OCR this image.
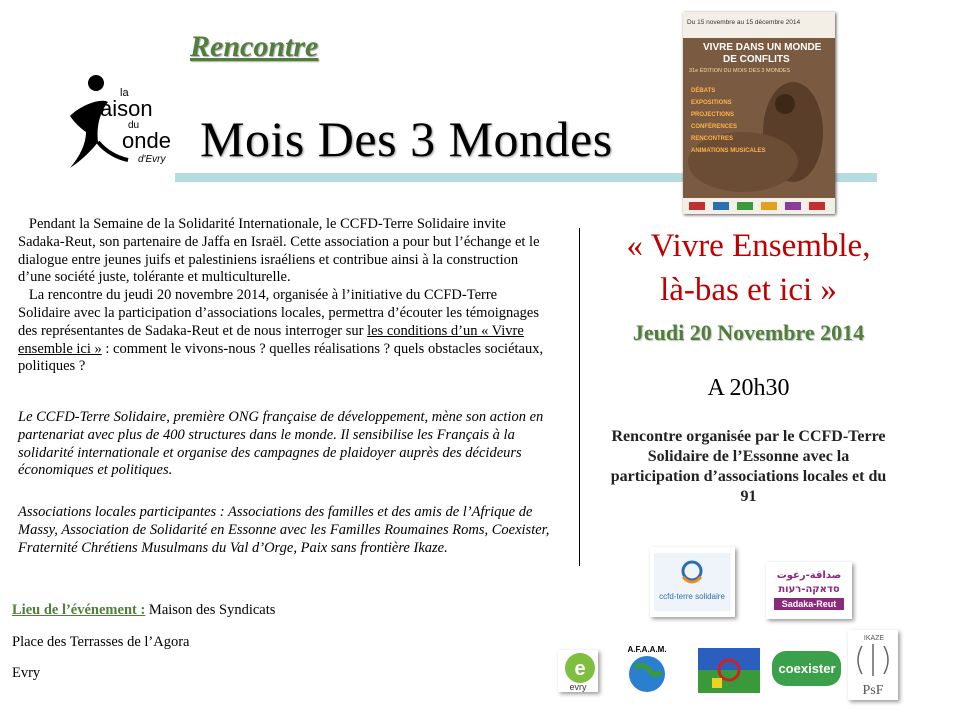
Rencontre
la
aison
du
onde
d'Evry Mois Des 3 Mondes
Du 15 novembre au 15 décembre 2014
VIVRE DANS UN MONDE
DE CONFLITS
31e ÉDITION DU MOIS DES 3 MONDES
DÉBATS
EXPOSITIONS
PROJECTIONS
CONFÉRENCES
RENCONTRES
ANIMATIONS MUSICALES

Pendant la Semaine de la Solidarité Internationale, le CCFD-Terre Solidaire invite Sadaka-Reut, son partenaire de Jaffa en Israël. Cette association a pour but l’échange et le dialogue entre jeunes juifs et palestiniens israéliens et contribue ainsi à la construction d’une société juste, tolérante et multiculturelle.

La rencontre du jeudi 20 novembre 2014, organisée à l’initiative du CCFD-Terre Solidaire avec la participation d’associations locales, permettra d’écouter les témoignages des représentantes de Sadaka-Reut et de nous interroger sur les conditions d’un « Vivre ensemble ici » : comment le vivons-nous ? quelles réalisations ? quels obstacles sociétaux, politiques ?

Le CCFD-Terre Solidaire, première ONG française de développement, mène son action en partenariat avec plus de 400 structures dans le monde. Il sensibilise les Français à la solidarité internationale et organise des campagnes de plaidoyer auprès des décideurs économiques et politiques.
Associations locales participantes : Associations des familles et des amis de l’Afrique de Massy, Association de Solidarité en Essonne avec les Familles Roumaines Roms, Coexister, Fraternité Chrétiens Musulmans du Val d’Orge, Paix sans frontière Ikaze.
Lieu de l’événement : Maison des Syndicats
Place des Terrasses de l’Agora
Evry
« Vivre Ensemble,
là-bas et ici »
Jeudi 20 Novembre 2014
A 20h30
Rencontre organisée par le CCFD-Terre Solidaire de l’Essonne avec la participation d’associations locales et du 91
ccfd-terre solidaire
صداقة-رعوت
סדאקה-רעות
Sadaka-Reut
e
evry
A.F.A.A.M.
coexister
IKAZE
PsF
